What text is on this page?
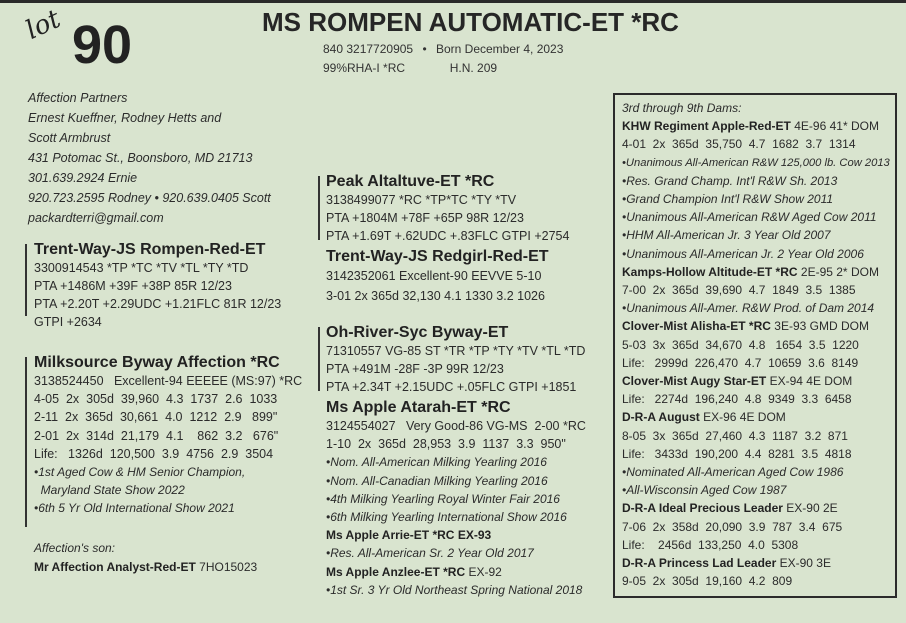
lot 90	MS ROMPEN AUTOMATIC-ET *RC
840 3217720905 • Born December 4, 2023
99%RHA-I *RC	H.N. 209
Affection Partners
Ernest Kueffner, Rodney Hetts and
Scott Armbrust
431 Potomac St., Boonsboro, MD 21713
301.639.2924 Ernie
920.723.2595 Rodney • 920.639.0405 Scott
packardterri@gmail.com
Trent-Way-JS Rompen-Red-ET
3300914543 *TP *TC *TV *TL *TY *TD
PTA +1486M +39F +38P 85R 12/23
PTA +2.20T +2.29UDC +1.21FLC 81R 12/23
GTPI +2634
Milksource Byway Affection *RC
3138524450   Excellent-94 EEEEE (MS:97) *RC
4-05  2x  305d  39,960  4.3  1737  2.6  1033
2-11  2x  365d  30,661  4.0  1212  2.9   899"
2-01  2x  314d  21,179  4.1    862  3.2   676"
Life:   1326d  120,500  3.9  4756  2.9  3504
•1st Aged Cow & HM Senior Champion,
Maryland State Show 2022
•6th 5 Yr Old International Show 2021
Affection's son:
Mr Affection Analyst-Red-ET 7HO15023
Peak Altaltuve-ET *RC
3138499077 *RC *TP*TC *TY *TV
PTA +1804M +78F +65P 98R 12/23
PTA +1.69T +.62UDC +.83FLC GTPI +2754
Trent-Way-JS Redgirl-Red-ET
3142352061 Excellent-90 EEVVE 5-10
3-01 2x 365d 32,130 4.1 1330 3.2 1026
Oh-River-Syc Byway-ET
71310557 VG-85 ST *TR *TP *TY *TV *TL *TD
PTA +491M -28F -3P 99R 12/23
PTA +2.34T +2.15UDC +.05FLC GTPI +1851
Ms Apple Atarah-ET *RC
3124554027   Very Good-86 VG-MS  2-00 *RC
1-10  2x  365d  28,953  3.9  1137  3.3  950"
•Nom. All-American Milking Yearling 2016
•Nom. All-Canadian Milking Yearling 2016
•4th Milking Yearling Royal Winter Fair 2016
•6th Milking Yearling International Show 2016
Ms Apple Arrie-ET *RC EX-93
•Res. All-American Sr. 2 Year Old 2017
Ms Apple Anzlee-ET *RC EX-92
•1st Sr. 3 Yr Old Northeast Spring National 2018
3rd through 9th Dams:
KHW Regiment Apple-Red-ET 4E-96 41* DOM
4-01  2x  365d  35,750  4.7  1682  3.7  1314
•Unanimous All-American R&W 125,000 lb. Cow 2013
•Res. Grand Champ. Int'l R&W Sh. 2013
•Grand Champion Int'l R&W Show 2011
•Unanimous All-American R&W Aged Cow 2011
•HHM All-American Jr. 3 Year Old 2007
•Unanimous All-American Jr. 2 Year Old 2006
Kamps-Hollow Altitude-ET *RC 2E-95 2* DOM
7-00  2x  365d  39,690  4.7  1849  3.5  1385
•Unanimous All-Amer. R&W Prod. of Dam 2014
Clover-Mist Alisha-ET *RC 3E-93 GMD DOM
5-03  3x  365d  34,670  4.8   1654  3.5  1220
Life:   2999d  226,470  4.7  10659  3.6  8149
Clover-Mist Augy Star-ET EX-94 4E DOM
Life:   2274d  196,240  4.8  9349  3.3  6458
D-R-A August EX-96 4E DOM
8-05  3x  365d  27,460  4.3  1187  3.2  871
Life:   3433d  190,200  4.4  8281  3.5  4818
•Nominated All-American Aged Cow 1986
•All-Wisconsin Aged Cow 1987
D-R-A Ideal Precious Leader EX-90 2E
7-06  2x  358d  20,090  3.9  787  3.4  675
Life:    2456d  133,250  4.0  5308
D-R-A Princess Lad Leader EX-90 3E
9-05  2x  305d  19,160  4.2  809
